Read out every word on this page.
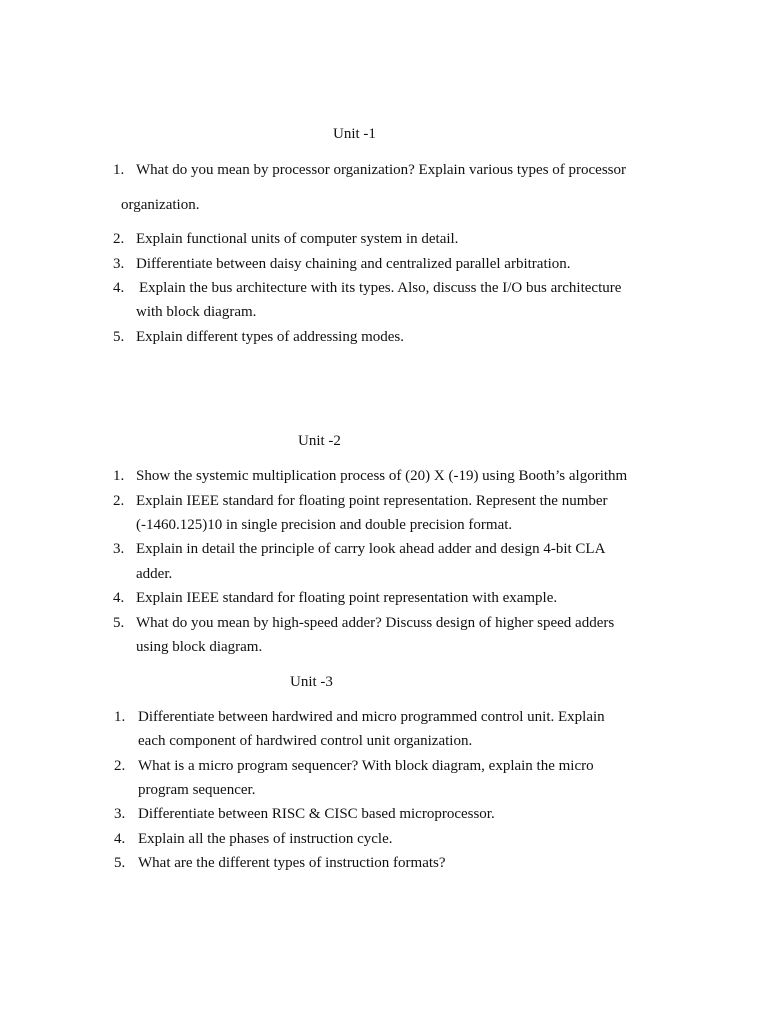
Unit -1
1. What do you mean by processor organization? Explain various types of processor
organization.
2. Explain functional units of computer system in detail.
3. Differentiate between daisy chaining and centralized parallel arbitration.
4. Explain the bus architecture with its types. Also, discuss the I/O bus architecture
with block diagram.
5. Explain different types of addressing modes.
Unit -2
1. Show the systemic multiplication process of (20) X (-19) using Booth’s algorithm
2. Explain IEEE standard for floating point representation. Represent the number
(-1460.125)10 in single precision and double precision format.
3. Explain in detail the principle of carry look ahead adder and design 4-bit CLA
adder.
4. Explain IEEE standard for floating point representation with example.
5. What do you mean by high-speed adder? Discuss design of higher speed adders
using block diagram.
Unit -3
1. Differentiate between hardwired and micro programmed control unit. Explain
each component of hardwired control unit organization.
2. What is a micro program sequencer? With block diagram, explain the micro
program sequencer.
3. Differentiate between RISC & CISC based microprocessor.
4. Explain all the phases of instruction cycle.
5. What are the different types of instruction formats?
